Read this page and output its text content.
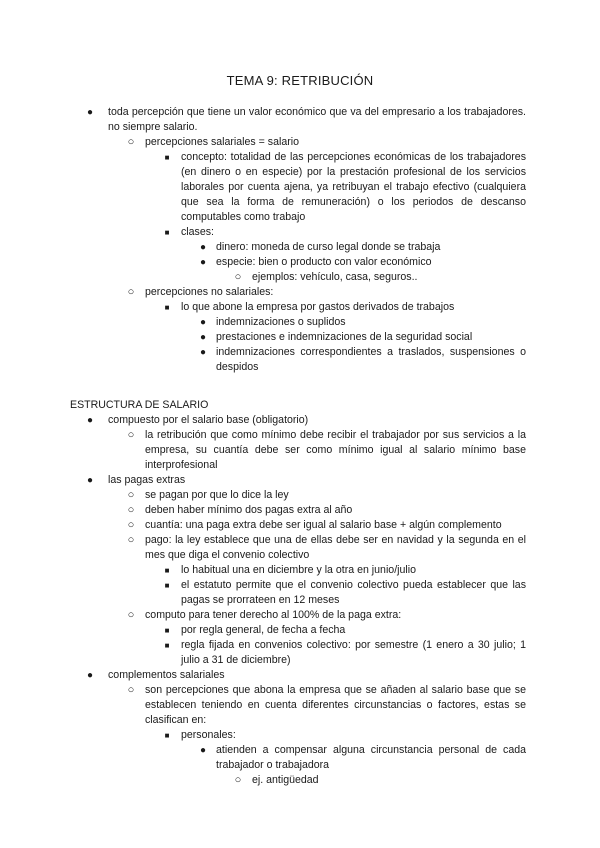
TEMA 9: RETRIBUCIÓN
● toda percepción que tiene un valor económico que va del empresario a los trabajadores. no siempre salario.
○ percepciones salariales = salario
■	concepto: totalidad de las percepciones económicas de los trabajadores (en dinero o en especie) por la prestación profesional de los servicios laborales por cuenta ajena, ya retribuyan el trabajo efectivo (cualquiera que sea la forma de remuneración) o los periodos de descanso computables como trabajo
■	clases:
● dinero: moneda de curso legal donde se trabaja
● especie: bien o producto con valor económico
○ ejemplos: vehículo, casa, seguros..
○ percepciones no salariales:
■	lo que abone la empresa por gastos derivados de trabajos
● indemnizaciones o suplidos
● prestaciones e indemnizaciones de la seguridad social
● indemnizaciones correspondientes a traslados, suspensiones o despidos
ESTRUCTURA DE SALARIO
● compuesto por el salario base (obligatorio)
○ la retribución que como mínimo debe recibir el trabajador por sus servicios a la empresa, su cuantía debe ser como mínimo igual al salario mínimo base interprofesional
● las pagas extras
○ se pagan por que lo dice la ley
○ deben haber mínimo dos pagas extra al año
○ cuantía: una paga extra debe ser igual al salario base + algún complemento
○ pago: la ley establece que una de ellas debe ser en navidad y la segunda en el mes que diga el convenio colectivo
■	lo habitual una en diciembre y la otra en junio/julio
■	el estatuto permite que el convenio colectivo pueda establecer que las pagas se prorrateen en 12 meses
○ computo para tener derecho al 100% de la paga extra:
■	por regla general, de fecha a fecha
■	regla fijada en convenios colectivo: por semestre (1 enero a 30 julio; 1 julio a 31 de diciembre)
● complementos salariales
○ son percepciones que abona la empresa que se añaden al salario base que se establecen teniendo en cuenta diferentes circunstancias o factores, estas se clasifican en:
■	personales:
● atienden a compensar alguna circunstancia personal de cada trabajador o trabajadora
○ ej. antigüedad
